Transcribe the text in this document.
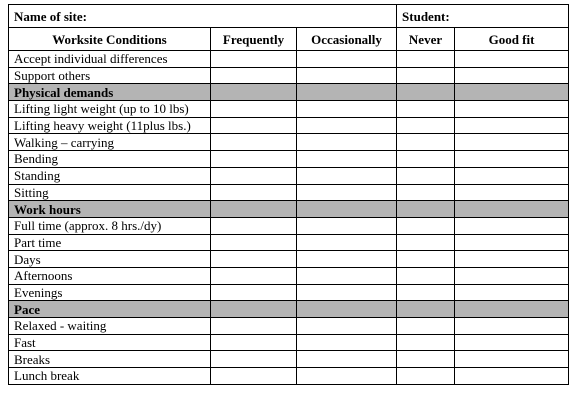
Name of site:			Student:	
Worksite Conditions	Frequently	Occasionally	Never	Good fit
Accept individual differences				
Support others				
Physical demands				
Lifting light weight (up to 10 lbs)				
Lifting heavy weight (11plus lbs.)				
Walking – carrying				
Bending				
Standing				
Sitting				
Work hours				
Full time (approx. 8 hrs./dy)				
Part time				
Days				
Afternoons				
Evenings				
Pace				
Relaxed - waiting				
Fast				
Breaks				
Lunch break				
